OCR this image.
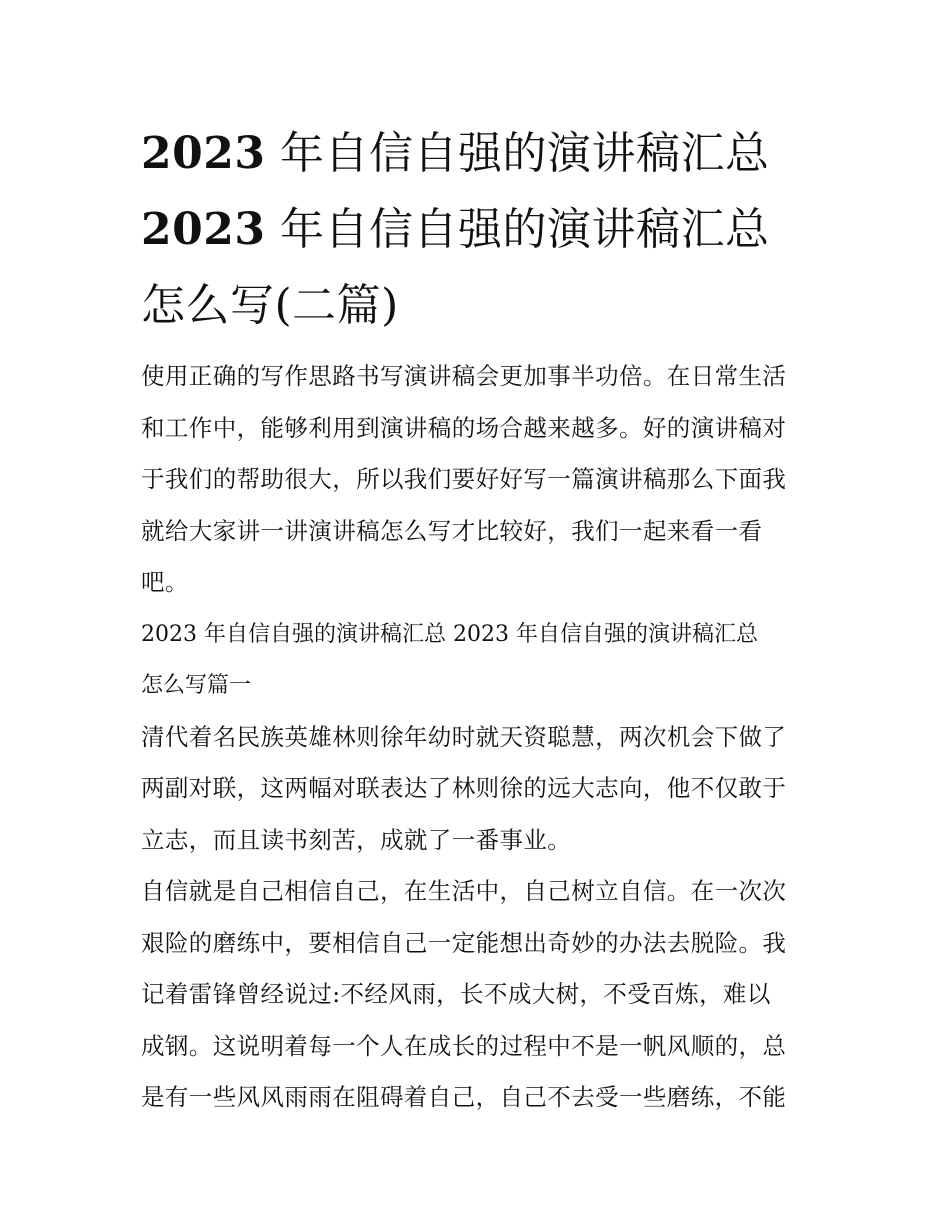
2023 年自信自强的演讲稿汇总
2023 年自信自强的演讲稿汇总
怎么写(二篇)

使用正确的写作思路书写演讲稿会更加事半功倍。在日常生活
和工作中，能够利用到演讲稿的场合越来越多。好的演讲稿对
于我们的帮助很大，所以我们要好好写一篇演讲稿那么下面我
就给大家讲一讲演讲稿怎么写才比较好，我们一起来看一看
吧。

2023 年自信自强的演讲稿汇总 2023 年自信自强的演讲稿汇总
怎么写篇一

清代着名民族英雄林则徐年幼时就天资聪慧，两次机会下做了
两副对联，这两幅对联表达了林则徐的远大志向，他不仅敢于
立志，而且读书刻苦，成就了一番事业。

自信就是自己相信自己，在生活中，自己树立自信。在一次次
艰险的磨练中，要相信自己一定能想出奇妙的办法去脱险。我
记着雷锋曾经说过:不经风雨，长不成大树，不受百炼，难以
成钢。这说明着每一个人在成长的过程中不是一帆风顺的，总
是有一些风风雨雨在阻碍着自己，自己不去受一些磨练，不能
